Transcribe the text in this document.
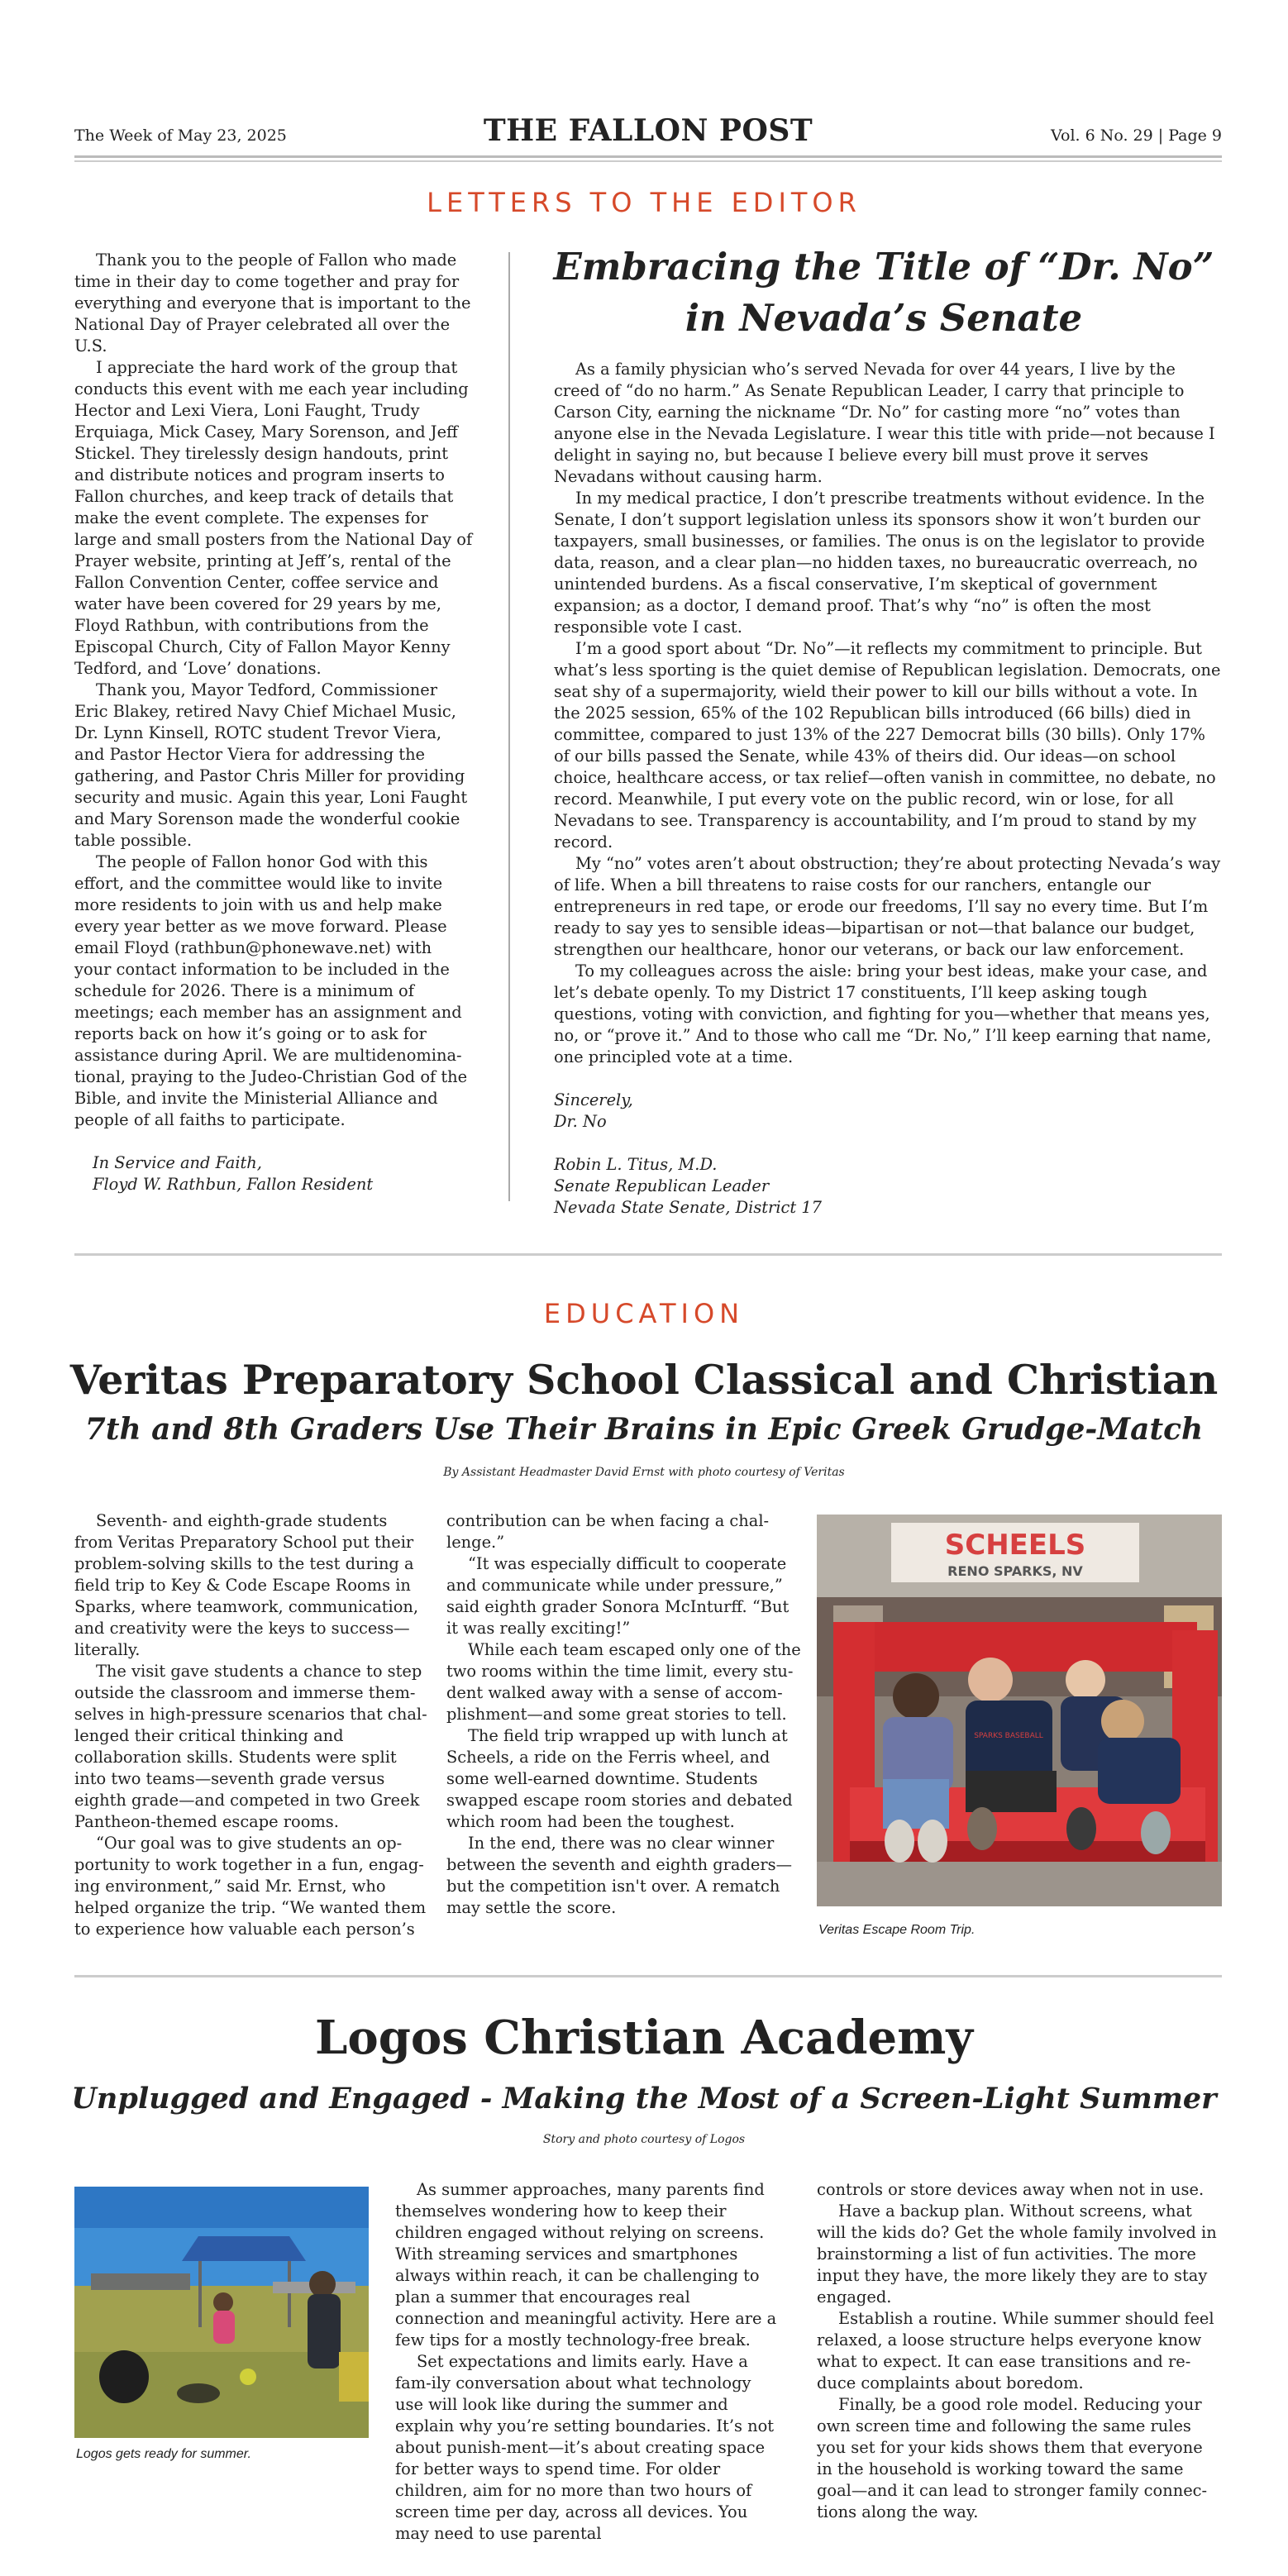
The Week of May 23, 2025	THE FALLON POST	Vol. 6 No. 29 | Page 9
LETTERS TO THE EDITOR

Thank you to the people of Fallon who made time in their day to come together and pray for everything and everyone that is important to the National Day of Prayer celebrated all over the U.S.

I appreciate the hard work of the group that conducts this event with me each year including Hector and Lexi Viera, Loni Faught, Trudy Erquiaga, Mick Casey, Mary Sorenson, and Jeff Stickel. They tirelessly design handouts, print and distribute notices and program inserts to Fallon churches, and keep track of details that make the event complete. The expenses for large and small posters from the National Day of Prayer website, printing at Jeff’s, rental of the Fallon Convention Center, coffee service and water have been covered for 29 years by me, Floyd Rathbun, with contributions from the Episcopal Church, City of Fallon Mayor Kenny Tedford, and ‘Love’ donations.

Thank you, Mayor Tedford, Commissioner Eric Blakey, retired Navy Chief Michael Music, Dr. Lynn Kinsell, ROTC student Trevor Viera, and Pastor Hector Viera for addressing the gathering, and Pastor Chris Miller for providing security and music. Again this year, Loni Faught and Mary Sorenson made the wonderful cookie table possible.

The people of Fallon honor God with this effort, and the committee would like to invite more residents to join with us and help make every year better as we move forward. Please email Floyd (rathbun@phonewave.net) with your contact information to be included in the schedule for 2026. There is a minimum of meetings; each member has an assignment and reports back on how it’s going or to ask for assistance during April. We are multidenomina-tional, praying to the Judeo-Christian God of the Bible, and invite the Ministerial Alliance and people of all faiths to participate.

In Service and Faith,
Floyd W. Rathbun, Fallon Resident
Embracing the Title of “Dr. No”
in Nevada’s Senate

As a family physician who’s served Nevada for over 44 years, I live by the creed of “do no harm.” As Senate Republican Leader, I carry that principle to Carson City, earning the nickname “Dr. No” for casting more “no” votes than anyone else in the Nevada Legislature. I wear this title with pride—not because I delight in saying no, but because I believe every bill must prove it serves Nevadans without causing harm.

In my medical practice, I don’t prescribe treatments without evidence. In the Senate, I don’t support legislation unless its sponsors show it won’t burden our taxpayers, small businesses, or families. The onus is on the legislator to provide data, reason, and a clear plan—no hidden taxes, no bureaucratic overreach, no unintended burdens. As a fiscal conservative, I’m skeptical of government expansion; as a doctor, I demand proof. That’s why “no” is often the most responsible vote I cast.

I’m a good sport about “Dr. No”—it reflects my commitment to principle. But what’s less sporting is the quiet demise of Republican legislation. Democrats, one seat shy of a supermajority, wield their power to kill our bills without a vote. In the 2025 session, 65% of the 102 Republican bills introduced (66 bills) died in committee, compared to just 13% of the 227 Democrat bills (30 bills). Only 17% of our bills passed the Senate, while 43% of theirs did. Our ideas—on school choice, healthcare access, or tax relief—often vanish in committee, no debate, no record. Meanwhile, I put every vote on the public record, win or lose, for all Nevadans to see. Transparency is accountability, and I’m proud to stand by my record.

My “no” votes aren’t about obstruction; they’re about protecting Nevada’s way of life. When a bill threatens to raise costs for our ranchers, entangle our entrepreneurs in red tape, or erode our freedoms, I’ll say no every time. But I’m ready to say yes to sensible ideas—bipartisan or not—that balance our budget, strengthen our healthcare, honor our veterans, or back our law enforcement.

To my colleagues across the aisle: bring your best ideas, make your case, and let’s debate openly. To my District 17 constituents, I’ll keep asking tough questions, voting with conviction, and fighting for you—whether that means yes, no, or “prove it.” And to those who call me “Dr. No,” I’ll keep earning that name, one principled vote at a time.

Sincerely,
Dr. No
Robin L. Titus, M.D.
Senate Republican Leader
Nevada State Senate, District 17
EDUCATION
Veritas Preparatory School Classical and Christian
7th and 8th Graders Use Their Brains in Epic Greek Grudge-Match
By Assistant Headmaster David Ernst with photo courtesy of Veritas

Seventh- and eighth-grade students from Veritas Preparatory School put their problem-solving skills to the test during a field trip to Key & Code Escape Rooms in Sparks, where teamwork, communication, and creativity were the keys to success—literally.

The visit gave students a chance to step outside the classroom and immerse them-selves in high-pressure scenarios that chal-lenged their critical thinking and collaboration skills. Students were split into two teams—seventh grade versus eighth grade—and competed in two Greek Pantheon-themed escape rooms.

“Our goal was to give students an op-portunity to work together in a fun, engag-ing environment,” said Mr. Ernst, who helped organize the trip. “We wanted them to experience how valuable each person’s

contribution can be when facing a chal-lenge.”

“It was especially difficult to cooperate and communicate while under pressure,” said eighth grader Sonora McInturff. “But it was really exciting!”

While each team escaped only one of the two rooms within the time limit, every stu-dent walked away with a sense of accom-plishment—and some great stories to tell.

The field trip wrapped up with lunch at Scheels, a ride on the Ferris wheel, and some well-earned downtime. Students swapped escape room stories and debated which room had been the toughest.

In the end, there was no clear winner between the seventh and eighth graders—but the competition isn't over. A rematch may settle the score.

SCHEELS
RENO SPARKS, NV
SPARKS BASEBALL
Veritas Escape Room Trip.
Logos Christian Academy
Unplugged and Engaged - Making the Most of a Screen-Light Summer
Story and photo courtesy of Logos
Logos gets ready for summer.

As summer approaches, many parents find themselves wondering how to keep their children engaged without relying on screens. With streaming services and smartphones always within reach, it can be challenging to plan a summer that encourages real connection and meaningful activity. Here are a few tips for a mostly technology-free break.

Set expectations and limits early. Have a fam-ily conversation about what technology use will look like during the summer and explain why you’re setting boundaries. It’s not about punish-ment—it’s about creating space for better ways to spend time. For older children, aim for no more than two hours of screen time per day, across all devices. You may need to use parental

controls or store devices away when not in use.

Have a backup plan. Without screens, what will the kids do? Get the whole family involved in brainstorming a list of fun activities. The more input they have, the more likely they are to stay engaged.

Establish a routine. While summer should feel relaxed, a loose structure helps everyone know what to expect. It can ease transitions and re-duce complaints about boredom.

Finally, be a good role model. Reducing your own screen time and following the same rules you set for your kids shows them that everyone in the household is working toward the same goal—and it can lead to stronger family connec-tions along the way.
